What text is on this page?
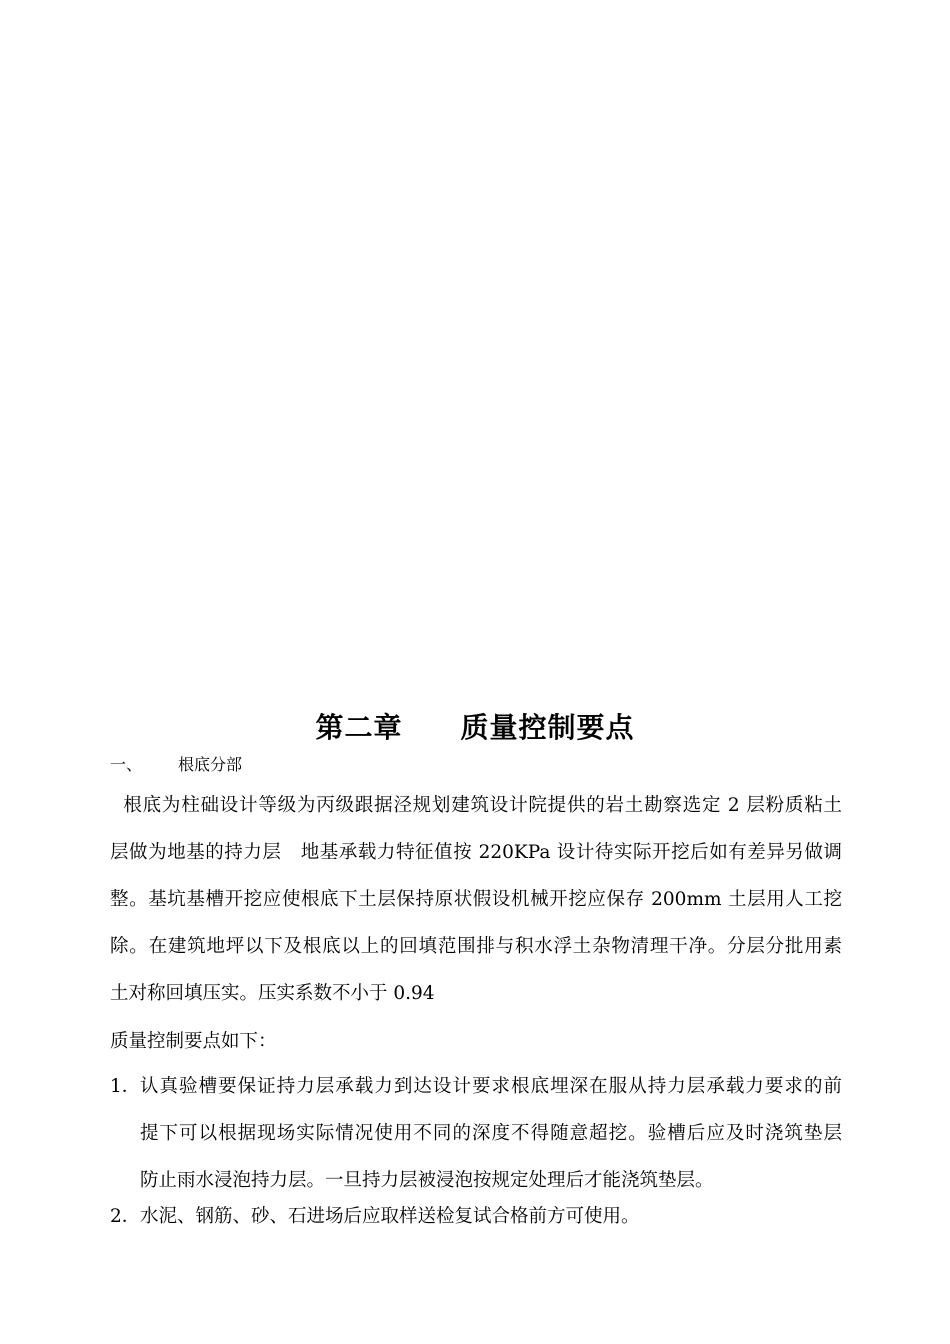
第二章 质量控制要点
一、 根底分部
根底为柱础设计等级为丙级跟据泾规划建筑设计院提供的岩土勘察选定 2 层粉质粘土
层做为地基的持力层   地基承载力特征值按 220KPa 设计待实际开挖后如有差异另做调
整。基坑基槽开挖应使根底下土层保持原状假设机械开挖应保存 200mm 土层用人工挖
除。在建筑地坪以下及根底以上的回填范围排与积水浮土杂物清理干净。分层分批用素
土对称回填压实。压实系数不小于 0.94
质量控制要点如下：
1． 认真验槽要保证持力层承载力到达设计要求根底埋深在服从持力层承载力要求的前
提下可以根据现场实际情况使用不同的深度不得随意超挖。验槽后应及时浇筑垫层
防止雨水浸泡持力层。一旦持力层被浸泡按规定处理后才能浇筑垫层。
2． 水泥、钢筋、砂、石进场后应取样送检复试合格前方可使用。
